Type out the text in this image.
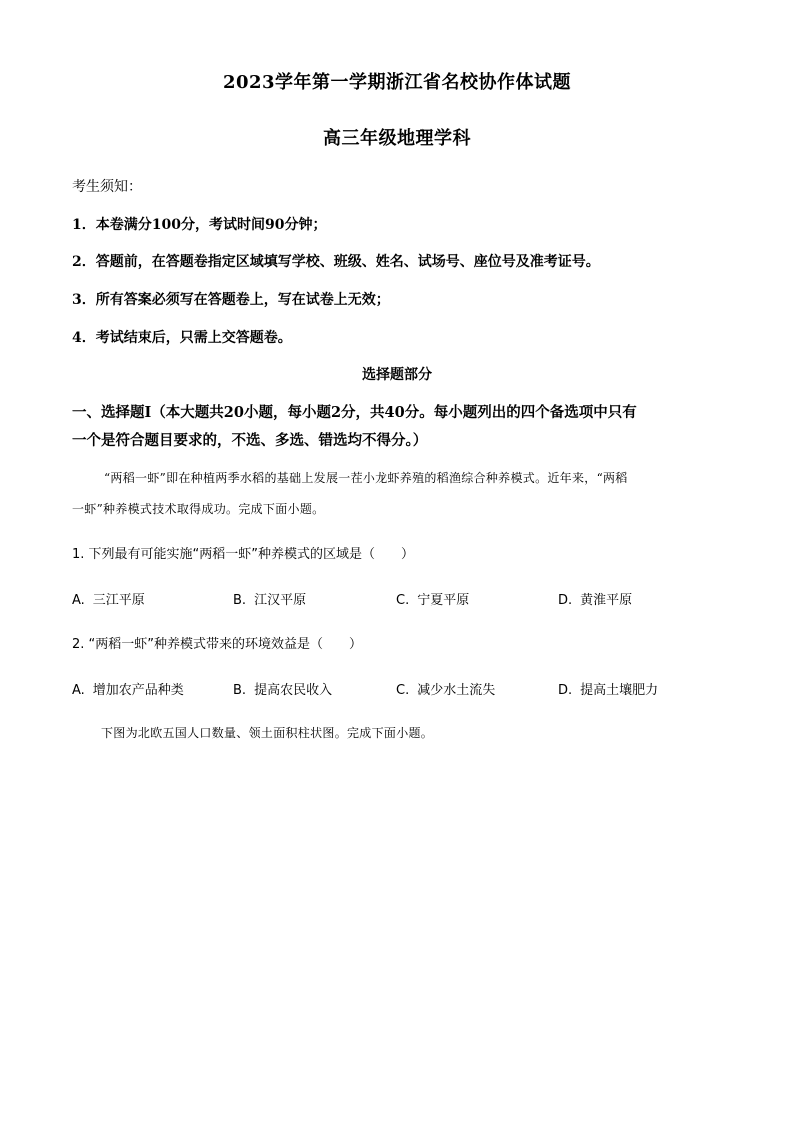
2023学年第一学期浙江省名校协作体试题
高三年级地理学科
考生须知：
1．本卷满分100分，考试时间90分钟；
2．答题前，在答题卷指定区域填写学校、班级、姓名、试场号、座位号及准考证号。
3．所有答案必须写在答题卷上，写在试卷上无效；
4．考试结束后，只需上交答题卷。
选择题部分
一、选择题Ⅰ（本大题共20小题，每小题2分，共40分。每小题列出的四个备选项中只有
一个是符合题目要求的，不选、多选、错选均不得分。）
“两稻一虾”即在种植两季水稻的基础上发展一茬小龙虾养殖的稻渔综合种养模式。近年来，“两稻
一虾”种养模式技术取得成功。完成下面小题。
1. 下列最有可能实施“两稻一虾”种养模式的区域是（　　）
A. 三江平原	B. 江汉平原	C. 宁夏平原	D. 黄淮平原
2. “两稻一虾”种养模式带来的环境效益是（　　）
A. 增加农产品种类	B. 提高农民收入	C. 减少水土流失	D. 提高土壤肥力
下图为北欧五国人口数量、领土面积柱状图。完成下面小题。
